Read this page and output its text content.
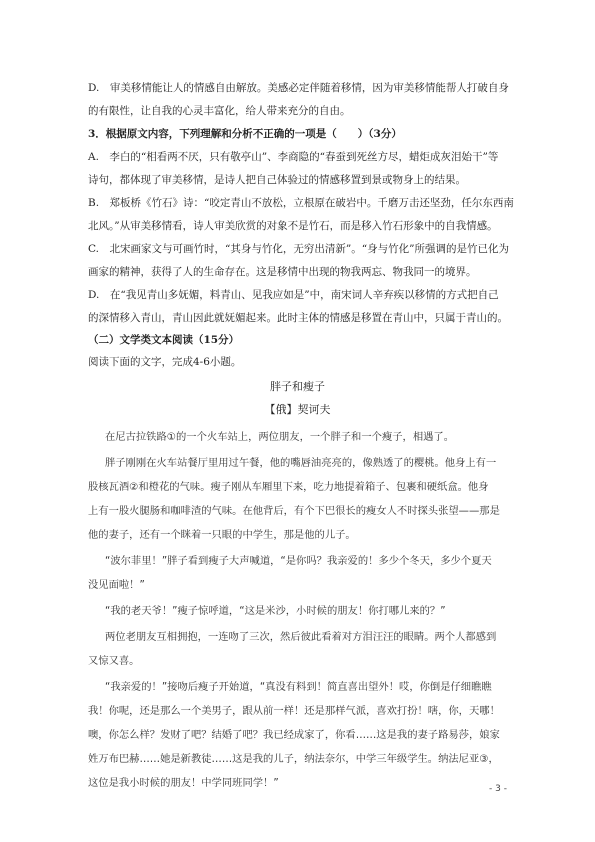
D.　审美移情能让人的情感自由解放。美感必定伴随着移情，因为审美移情能帮人打破自身
的有限性，让自我的心灵丰富化，给人带来充分的自由。
3．根据原文内容，下列理解和分析不正确的一项是（　　）（3分）
A.　李白的“相看两不厌，只有敬亭山”、李商隐的“春蚕到死丝方尽，蜡炬成灰泪始干”等
诗句，都体现了审美移情，是诗人把自己体验过的情感移置到景或物身上的结果。
B.　郑板桥《竹石》诗：“咬定青山不放松，立根原在破岩中。千磨万击还坚劲，任尔东西南
北风。”从审美移情看，诗人审美欣赏的对象不是竹石，而是移入竹石形象中的自我情感。
C.　北宋画家文与可画竹时，“其身与竹化，无穷出清新”。“身与竹化”所强调的是竹已化为
画家的精神，获得了人的生命存在。这是移情中出现的物我两忘、物我同一的境界。
D.　在“我见青山多妩媚，料青山、见我应如是”中，南宋词人辛弃疾以移情的方式把自己
的深情移入青山，青山因此就妩媚起来。此时主体的情感是移置在青山中，只属于青山的。
（二）文学类文本阅读（15分）
阅读下面的文字，完成4-6小题。
胖子和瘦子
【俄】契诃夫
在尼古拉铁路①的一个火车站上，两位朋友，一个胖子和一个瘦子，相遇了。
胖子刚刚在火车站餐厅里用过午餐，他的嘴唇油亮亮的，像熟透了的樱桃。他身上有一
股核瓦酒②和橙花的气味。瘦子刚从车厢里下来，吃力地提着箱子、包裹和硬纸盒。他身
上有一股火腿肠和咖啡渣的气味。在他背后，有个下巴很长的瘦女人不时探头张望——那是
他的妻子，还有一个眯着一只眼的中学生，那是他的儿子。
“波尔菲里！”胖子看到瘦子大声喊道，“是你吗？我亲爱的！多少个冬天，多少个夏天
没见面啦！”
“我的老天爷！”瘦子惊呼道，“这是米沙，小时候的朋友！你打哪儿来的？”
两位老朋友互相拥抱，一连吻了三次，然后彼此看着对方泪汪汪的眼睛。两个人都感到
又惊又喜。
“我亲爱的！”接吻后瘦子开始道，“真没有料到！简直喜出望外！哎，你倒是仔细瞧瞧
我！你呢，还是那么一个美男子，跟从前一样！还是那样气派，喜欢打扮！嗐，你，天哪！
噢，你怎么样？发财了吧？结婚了吧？我已经成家了，你看……这是我的妻子路易莎，娘家
姓万布巴赫……她是新教徒……这是我的儿子，纳法奈尔，中学三年级学生。纳法尼亚③，
这位是我小时候的朋友！中学同班同学！”	- 3 -
